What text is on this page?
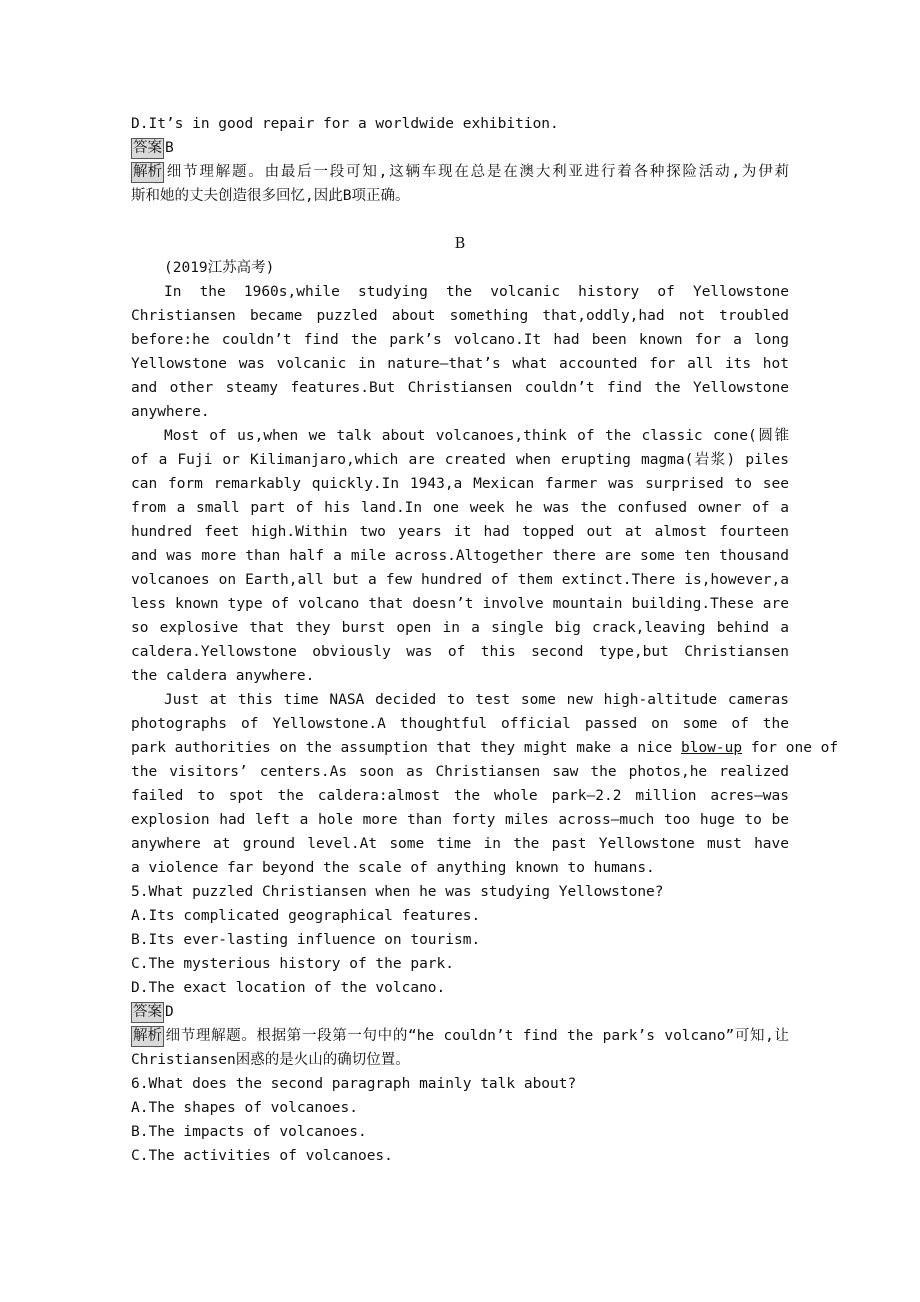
D.It’s in good repair for a worldwide exhibition.
答案 B
解析 细节理解题。由最后一段可知,这辆车现在总是在澳大利亚进行着各种探险活动,为伊莉
斯和她的丈夫创造很多回忆,因此B项正确。
B
(2019江苏高考)
In the 1960s,while studying the volcanic history of Yellowstone
Christiansen became puzzled about something that,oddly,had not troubled
before:he couldn’t find the park’s volcano.It had been known for a long
Yellowstone was volcanic in nature—that’s what accounted for all its hot
and other steamy features.But Christiansen couldn’t find the Yellowstone
anywhere.
Most of us,when we talk about volcanoes,think of the classic cone(圆锥
of a Fuji or Kilimanjaro,which are created when erupting magma(岩浆) piles
can form remarkably quickly.In 1943,a Mexican farmer was surprised to see
from a small part of his land.In one week he was the confused owner of a
hundred feet high.Within two years it had topped out at almost fourteen
and was more than half a mile across.Altogether there are some ten thousand
volcanoes on Earth,all but a few hundred of them extinct.There is,however,a
less known type of volcano that doesn’t involve mountain building.These are
so explosive that they burst open in a single big crack,leaving behind a
caldera.Yellowstone obviously was of this second type,but Christiansen
the caldera anywhere.
Just at this time NASA decided to test some new high-altitude cameras
photographs of Yellowstone.A thoughtful official passed on some of the
park authorities on the assumption that they might make a nice blow-up for one of
the visitors’ centers.As soon as Christiansen saw the photos,he realized
failed to spot the caldera:almost the whole park—2.2 million acres—was
explosion had left a hole more than forty miles across—much too huge to be
anywhere at ground level.At some time in the past Yellowstone must have
a violence far beyond the scale of anything known to humans.
5.What puzzled Christiansen when he was studying Yellowstone?
A.Its complicated geographical features.
B.Its ever-lasting influence on tourism.
C.The mysterious history of the park.
D.The exact location of the volcano.
答案 D
解析 细节理解题。根据第一段第一句中的“he couldn’t find the park’s volcano”可知,让
Christiansen困惑的是火山的确切位置。
6.What does the second paragraph mainly talk about?
A.The shapes of volcanoes.
B.The impacts of volcanoes.
C.The activities of volcanoes.
